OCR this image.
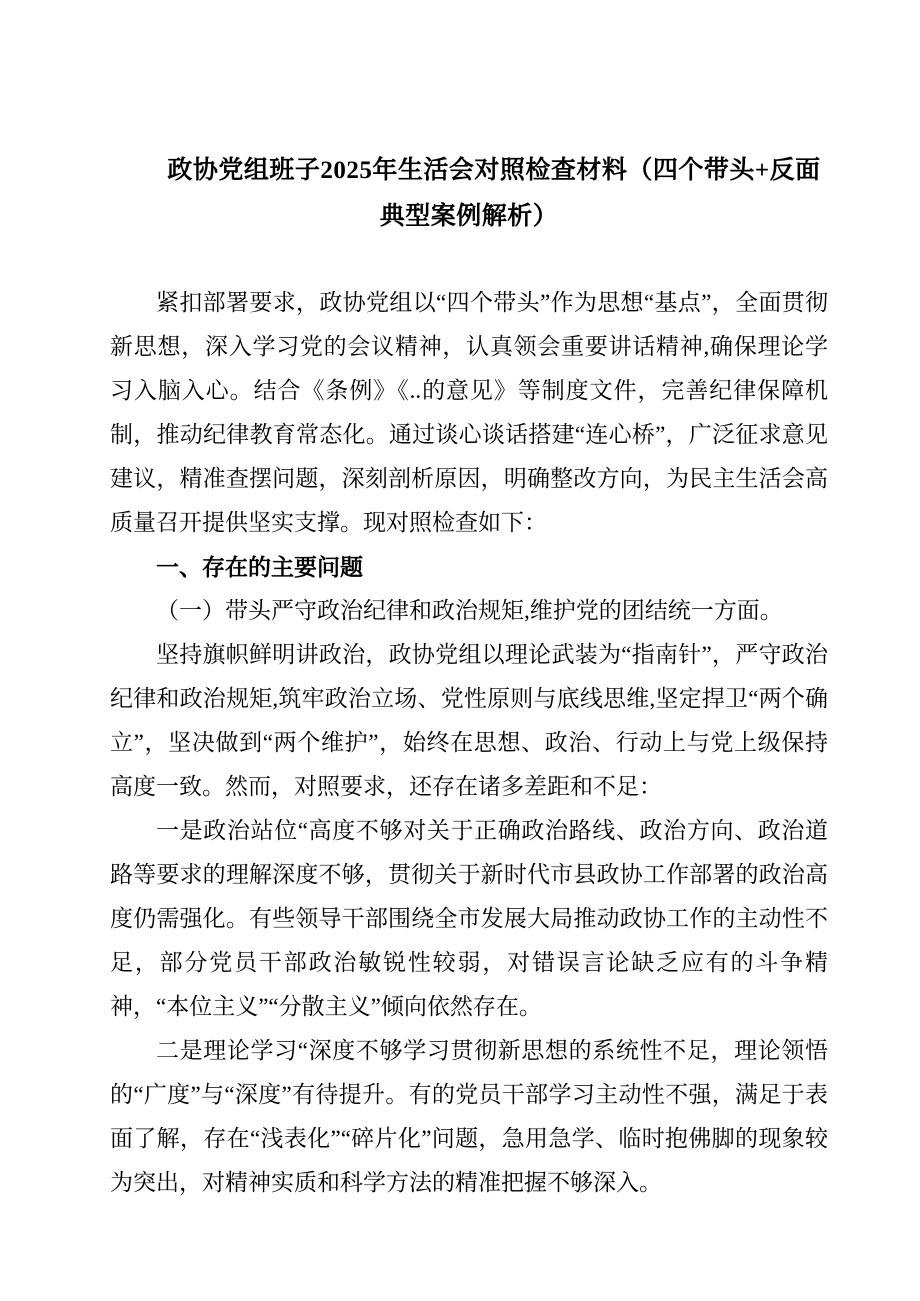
政协党组班子2025年生活会对照检查材料（四个带头+反面典型案例解析）

紧扣部署要求，政协党组以“四个带头”作为思想“基点”，全面贯彻新思想，深入学习党的会议精神，认真领会重要讲话精神,确保理论学习入脑入心。结合《条例》《..的意见》等制度文件，完善纪律保障机制，推动纪律教育常态化。通过谈心谈话搭建“连心桥”，广泛征求意见建议，精准查摆问题，深刻剖析原因，明确整改方向，为民主生活会高质量召开提供坚实支撑。现对照检查如下：

一、存在的主要问题
（一）带头严守政治纪律和政治规矩,维护党的团结统一方面。

坚持旗帜鲜明讲政治，政协党组以理论武装为“指南针”，严守政治纪律和政治规矩,筑牢政治立场、党性原则与底线思维,坚定捍卫“两个确立”，坚决做到“两个维护”，始终在思想、政治、行动上与党上级保持高度一致。然而，对照要求，还存在诸多差距和不足：

一是政治站位“高度不够对关于正确政治路线、政治方向、政治道路等要求的理解深度不够，贯彻关于新时代市县政协工作部署的政治高度仍需强化。有些领导干部围绕全市发展大局推动政协工作的主动性不足，部分党员干部政治敏锐性较弱，对错误言论缺乏应有的斗争精神，“本位主义”“分散主义”倾向依然存在。

二是理论学习“深度不够学习贯彻新思想的系统性不足，理论领悟的“广度”与“深度”有待提升。有的党员干部学习主动性不强，满足于表面了解，存在“浅表化”“碎片化”问题，急用急学、临时抱佛脚的现象较为突出，对精神实质和科学方法的精准把握不够深入。
